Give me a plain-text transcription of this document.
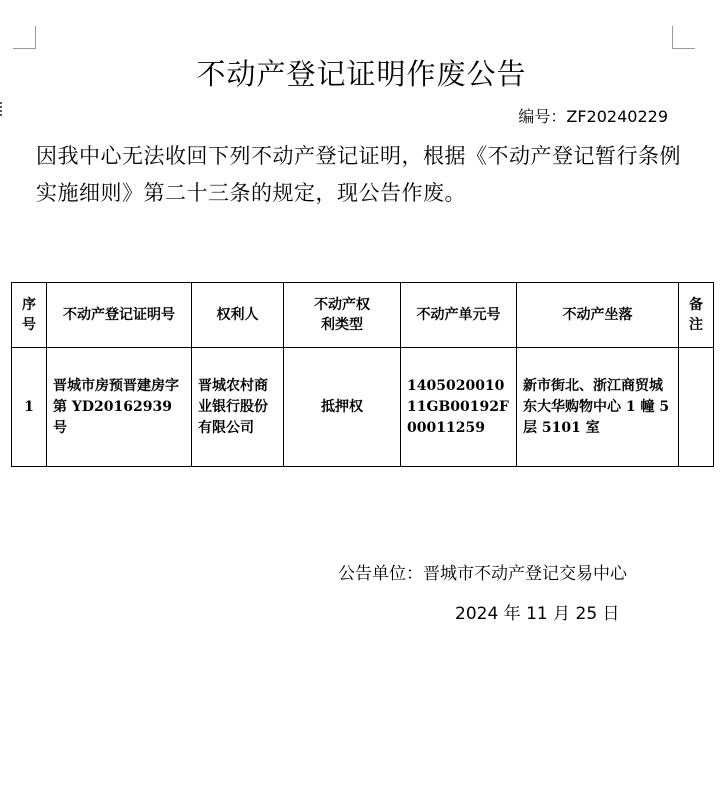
不动产登记证明作废公告
编号：ZF20240229
因我中心无法收回下列不动产登记证明，根据《不动产登记暂行条例实施细则》第二十三条的规定，现公告作废。
序号	不动产登记证明号	权利人	不动产权利类型	不动产单元号	不动产坐落	备注
1	晋城市房预晋建房字第 YD20162939号	晋城农村商业银行股份有限公司	抵押权	140502001011GB00192F00011259	新市街北、浙江商贸城东大华购物中心 1 幢 5 层 5101 室	
公告单位：晋城市不动产登记交易中心
2024 年 11 月 25 日
